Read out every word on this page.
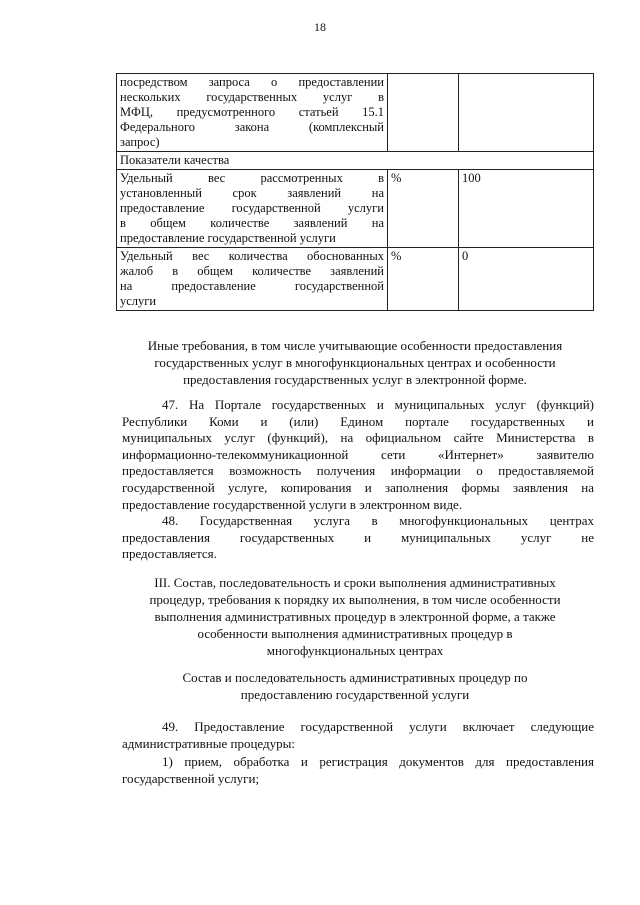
18
посредством запроса о предоставлении
нескольких государственных услуг в
МФЦ, предусмотренного статьей 15.1
Федерального закона (комплексный
запрос)		
Показатели качества		

Удельный вес рассмотренных в
установленный срок заявлений на
предоставление государственной услуги
в общем количестве заявлений на
предоставление государственной услуги	%	100

Удельный вес количества обоснованных
жалоб в общем количестве заявлений
на предоставление государственной
услуги	%	0
Иные требования, в том числе учитывающие особенности предоставления
государственных услуг в многофункциональных центрах и особенности
предоставления государственных услуг в электронной форме.
47. На Портале государственных и муниципальных услуг (функций)
Республики Коми и (или) Едином портале государственных и
муниципальных услуг (функций), на официальном сайте Министерства в
информационно-телекоммуникационной сети «Интернет» заявителю
предоставляется возможность получения информации о предоставляемой
государственной услуге, копирования и заполнения формы заявления на
предоставление государственной услуги в электронном виде.
48. Государственная услуга в многофункциональных центрах
предоставления государственных и муниципальных услуг не
предоставляется.
III. Состав, последовательность и сроки выполнения административных
процедур, требования к порядку их выполнения, в том числе особенности
выполнения административных процедур в электронной форме, а также
особенности выполнения административных процедур в
многофункциональных центрах
Состав и последовательность административных процедур по
предоставлению государственной услуги
49. Предоставление государственной услуги включает следующие
административные процедуры:
1) прием, обработка и регистрация документов для предоставления
государственной услуги;
